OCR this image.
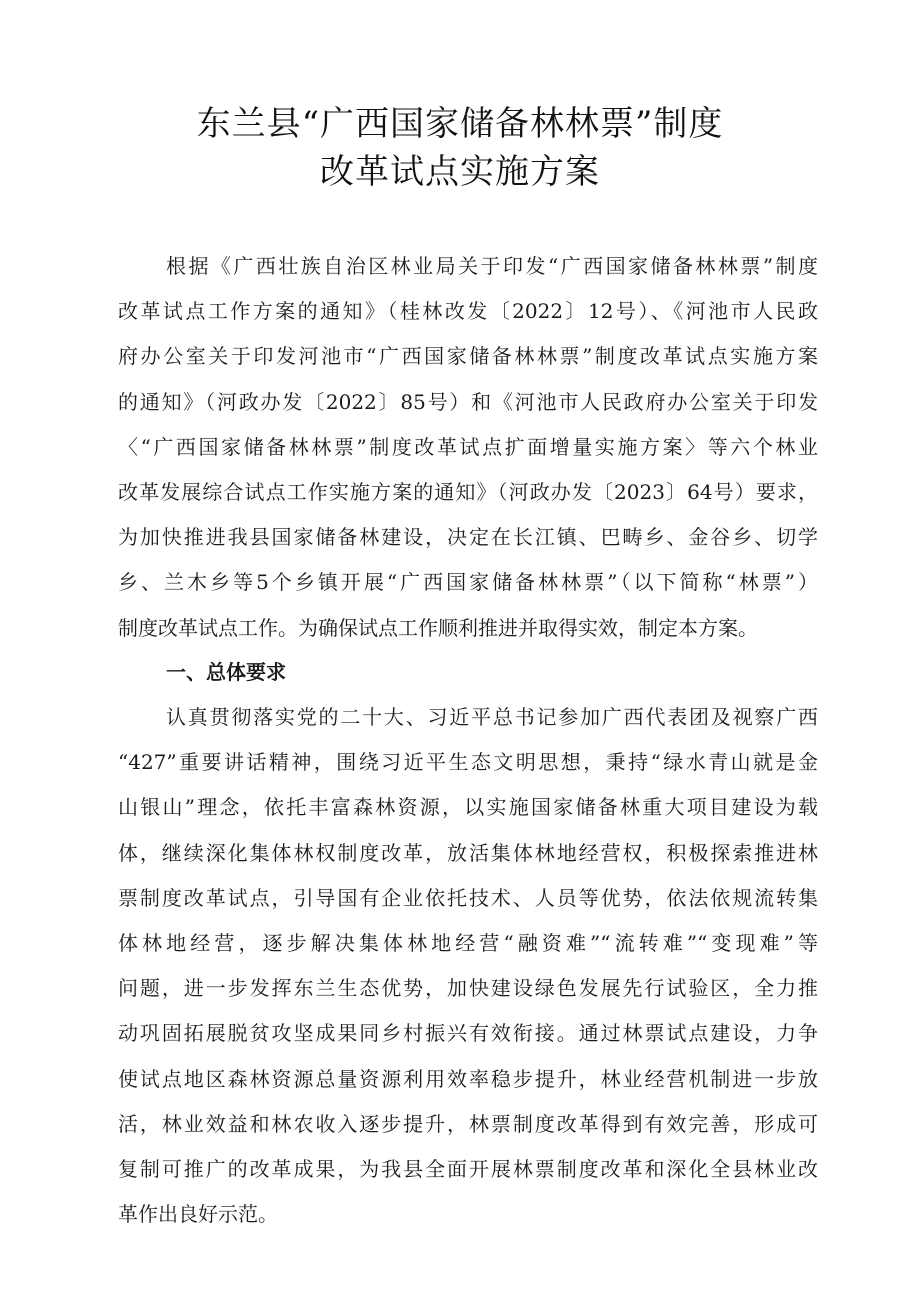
东兰县“广西国家储备林林票”制度
改革试点实施方案
根据《广西壮族自治区林业局关于印发“广西国家储备林林票”制度
改革试点工作方案的通知》（桂林改发〔2022〕12号）、《河池市人民政
府办公室关于印发河池市“广西国家储备林林票”制度改革试点实施方案
的通知》（河政办发〔2022〕85号）和《河池市人民政府办公室关于印发
〈“广西国家储备林林票”制度改革试点扩面增量实施方案〉等六个林业
改革发展综合试点工作实施方案的通知》（河政办发〔2023〕64号）要求，
为加快推进我县国家储备林建设，决定在长江镇、巴畴乡、金谷乡、切学
乡、兰木乡等5个乡镇开展“广西国家储备林林票”（以下简称“林票”）
制度改革试点工作。为确保试点工作顺利推进并取得实效，制定本方案。
一、总体要求
认真贯彻落实党的二十大、习近平总书记参加广西代表团及视察广西
“427”重要讲话精神，围绕习近平生态文明思想，秉持“绿水青山就是金
山银山”理念，依托丰富森林资源，以实施国家储备林重大项目建设为载
体，继续深化集体林权制度改革，放活集体林地经营权，积极探索推进林
票制度改革试点，引导国有企业依托技术、人员等优势，依法依规流转集
体林地经营，逐步解决集体林地经营“融资难”“流转难”“变现难”等
问题，进一步发挥东兰生态优势，加快建设绿色发展先行试验区，全力推
动巩固拓展脱贫攻坚成果同乡村振兴有效衔接。通过林票试点建设，力争
使试点地区森林资源总量资源利用效率稳步提升，林业经营机制进一步放
活，林业效益和林农收入逐步提升，林票制度改革得到有效完善，形成可
复制可推广的改革成果，为我县全面开展林票制度改革和深化全县林业改
革作出良好示范。
